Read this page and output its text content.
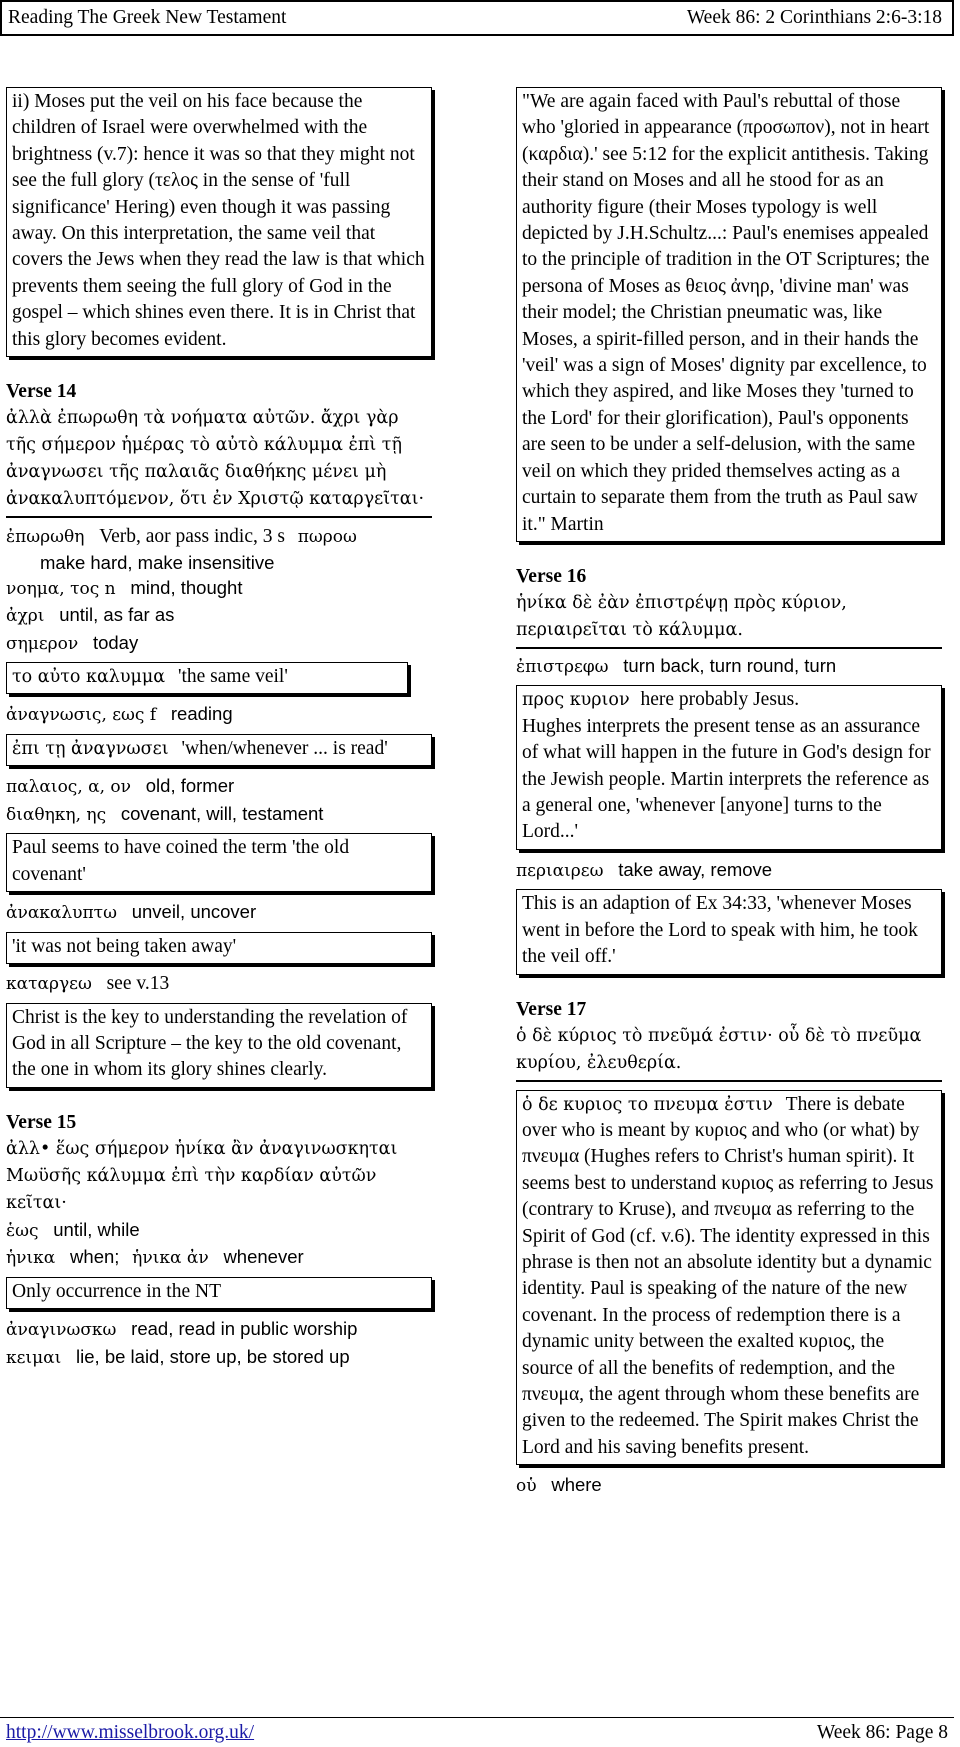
Reading The Greek New Testament	Week 86: 2 Corinthians 2:6-3:18
ii) Moses put the veil on his face because the children of Israel were overwhelmed with the brightness (v.7): hence it was so that they might not see the full glory (τελος in the sense of 'full significance' Hering) even though it was passing away. On this interpretation, the same veil that covers the Jews when they read the law is that which prevents them seeing the full glory of God in the gospel – which shines even there. It is in Christ that this glory becomes evident.
Verse 14
ἀλλὰ ἐπωρωθη τὰ νοήματα αὐτῶν. ἄχρι γὰρ τῆς σήμερον ἡμέρας τὸ αὐτὸ κάλυμμα ἐπὶ τῇ ἀναγνωσει τῆς παλαιᾶς διαθήκης μένει μὴ ἀνακαλυπτόμενον, ὅτι ἐν Χριστῷ καταργεῖται·
ἐπωρωθη Verb, aor pass indic, 3 s πωροω
make hard, make insensitive
νοημα, τος n mind, thought
ἀχρι until, as far as
σημερον today
το αὐτο καλυμμα 'the same veil'
ἀναγνωσις, εως f reading
ἐπι τῃ ἀναγνωσει 'when/whenever ... is read'
παλαιος, α, ον old, former
διαθηκη, ης covenant, will, testament
Paul seems to have coined the term 'the old covenant'
ἀνακαλυπτω unveil, uncover
'it was not being taken away'
καταργεω see v.13
Christ is the key to understanding the revelation of God in all Scripture – the key to the old covenant, the one in whom its glory shines clearly.
Verse 15
ἀλλ• ἕως σήμερον ἡνίκα ἂν ἀναγινωσκηται Μωϋσῆς κάλυμμα ἐπὶ τὴν καρδίαν αὐτῶν κεῖται·
ἑως until, while
ἡνικα when; ἡνικα ἀν whenever
Only occurrence in the NT
ἀναγινωσκω read, read in public worship
κειμαι lie, be laid, store up, be stored up
"We are again faced with Paul's rebuttal of those who 'gloried in appearance (προσωπον), not in heart (καρδια).' see 5:12 for the explicit antithesis. Taking their stand on Moses and all he stood for as an authority figure (their Moses typology is well depicted by J.H.Schultz...: Paul's enemises appealed to the principle of tradition in the OT Scriptures; the persona of Moses as θειος ἀνηρ, 'divine man' was their model; the Christian pneumatic was, like Moses, a spirit-filled person, and in their hands the 'veil' was a sign of Moses' dignity par excellence, to which they aspired, and like Moses they 'turned to the Lord' for their glorification), Paul's opponents are seen to be under a self-delusion, with the same veil on which they prided themselves acting as a curtain to separate them from the truth as Paul saw it." Martin
Verse 16
ἡνίκα δὲ ἐὰν ἐπιστρέψῃ πρὸς κύριον, περιαιρεῖται τὸ κάλυμμα.
ἐπιστρεφω turn back, turn round, turn
προς κυριον here probably Jesus.
Hughes interprets the present tense as an assurance of what will happen in the future in God's design for the Jewish people. Martin interprets the reference as a general one, 'whenever [anyone] turns to the Lord...'
περιαιρεω take away, remove
This is an adaption of Ex 34:33, 'whenever Moses went in before the Lord to speak with him, he took the veil off.'
Verse 17
ὁ δὲ κύριος τὸ πνεῦμά ἐστιν· οὗ δὲ τὸ πνεῦμα κυρίου, ἐλευθερία.
ὁ δε κυριος το πνευμα ἐστιν There is debate over who is meant by κυριος and who (or what) by πνευμα (Hughes refers to Christ's human spirit). It seems best to understand κυριος as referring to Jesus (contrary to Kruse), and πνευμα as referring to the Spirit of God (cf. v.6). The identity expressed in this phrase is then not an absolute identity but a dynamic identity. Paul is speaking of the nature of the new covenant. In the process of redemption there is a dynamic unity between the exalted κυριος, the source of all the benefits of redemption, and the πνευμα, the agent through whom these benefits are given to the redeemed. The Spirit makes Christ the Lord and his saving benefits present.
οὑ where
http://www.misselbrook.org.uk/	Week 86: Page 8
